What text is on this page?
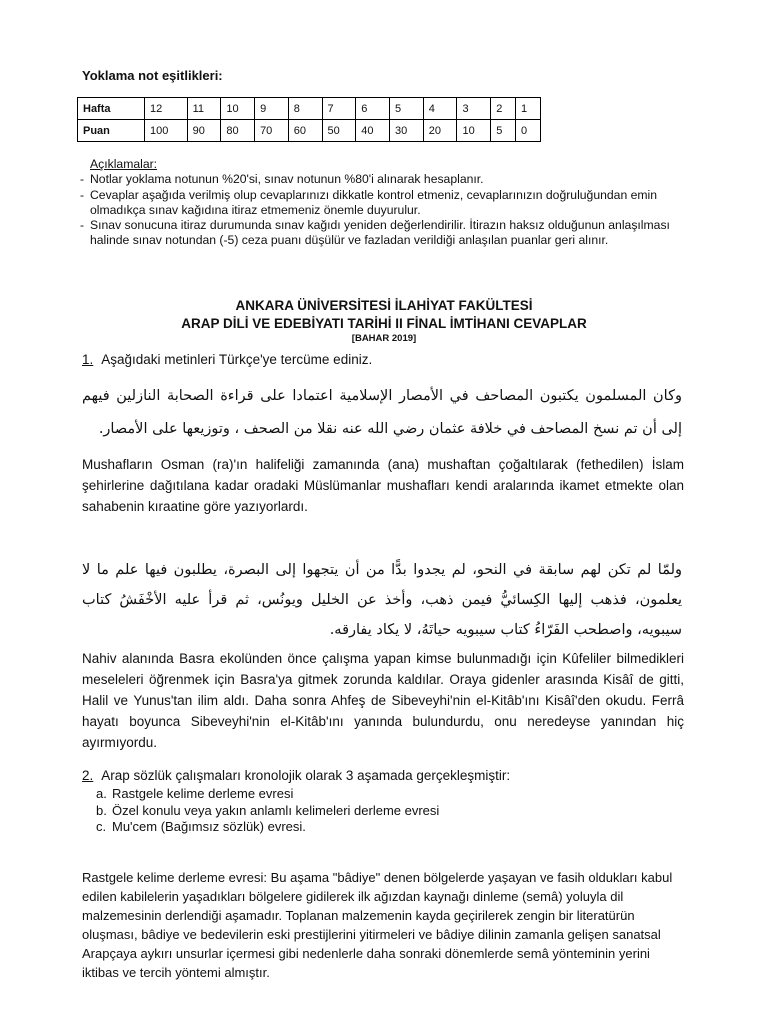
Yoklama not eşitlikleri:
Hafta	12	11	10	9	8	7	6	5	4	3	2	1
Puan	100	90	80	70	60	50	40	30	20	10	5	0
Açıklamalar:
- Notlar yoklama notunun %20'si, sınav notunun %80'i alınarak hesaplanır.
- Cevaplar aşağıda verilmiş olup cevaplarınızı dikkatle kontrol etmeniz, cevaplarınızın doğruluğundan emin olmadıkça sınav kağıdına itiraz etmemeniz önemle duyurulur.
- Sınav sonucuna itiraz durumunda sınav kağıdı yeniden değerlendirilir. İtirazın haksız olduğunun anlaşılması halinde sınav notundan (-5) ceza puanı düşülür ve fazladan verildiği anlaşılan puanlar geri alınır.
ANKARA ÜNİVERSİTESİ İLAHİYAT FAKÜLTESİ
ARAP DİLİ VE EDEBİYATI TARİHİ II FİNAL İMTİHANI CEVAPLAR
[BAHAR 2019]
1. Aşağıdaki metinleri Türkçe'ye tercüme ediniz.
وكان المسلمون يكتبون المصاحف في الأمصار الإسلامية اعتمادا على قراءة الصحابة النازلين فيهم إلى أن تم نسخ المصاحف في خلافة عثمان رضي الله عنه نقلا من الصحف ، وتوزيعها على الأمصار.
Mushafların Osman (ra)'ın halifeliği zamanında (ana) mushaftan çoğaltılarak (fethedilen) İslam şehirlerine dağıtılana kadar oradaki Müslümanlar mushafları kendi aralarında ikamet etmekte olan sahabenin kıraatine göre yazıyorlardı.
ولمّا لم تكن لهم سابقة في النحو، لم يجدوا بدًّا من أن يتجهوا إلى البصرة، يطلبون فيها علم ما لا يعلمون، فذهب إليها الكِسائيُّ فيمن ذهب، وأخذ عن الخليل ويونُس، ثم قرأ عليه الأخْفَشُ كتاب سيبويه، واصطحب الفَرّاءُ كتاب سيبويه حياتَهُ، لا يكاد يفارقه.
Nahiv alanında Basra ekolünden önce çalışma yapan kimse bulunmadığı için Kûfeliler bilmedikleri meseleleri öğrenmek için Basra'ya gitmek zorunda kaldılar. Oraya gidenler arasında Kisâî de gitti, Halil ve Yunus'tan ilim aldı. Daha sonra Ahfeş de Sibeveyhi'nin el-Kitâb'ını Kisâî'den okudu. Ferrâ hayatı boyunca Sibeveyhi'nin el-Kitâb'ını yanında bulundurdu, onu neredeyse yanından hiç ayırmıyordu.
2. Arap sözlük çalışmaları kronolojik olarak 3 aşamada gerçekleşmiştir:
a. Rastgele kelime derleme evresi
b. Özel konulu veya yakın anlamlı kelimeleri derleme evresi
c. Mu'cem (Bağımsız sözlük) evresi.
Rastgele kelime derleme evresi: Bu aşama "bâdiye" denen bölgelerde yaşayan ve fasih oldukları kabul edilen kabilelerin yaşadıkları bölgelere gidilerek ilk ağızdan kaynağı dinleme (semâ) yoluyla dil malzemesinin derlendiği aşamadır. Toplanan malzemenin kayda geçirilerek zengin bir literatürün oluşması, bâdiye ve bedevilerin eski prestijlerini yitirmeleri ve bâdiye dilinin zamanla gelişen sanatsal Arapçaya aykırı unsurlar içermesi gibi nedenlerle daha sonraki dönemlerde semâ yönteminin yerini iktibas ve tercih yöntemi almıştır.
